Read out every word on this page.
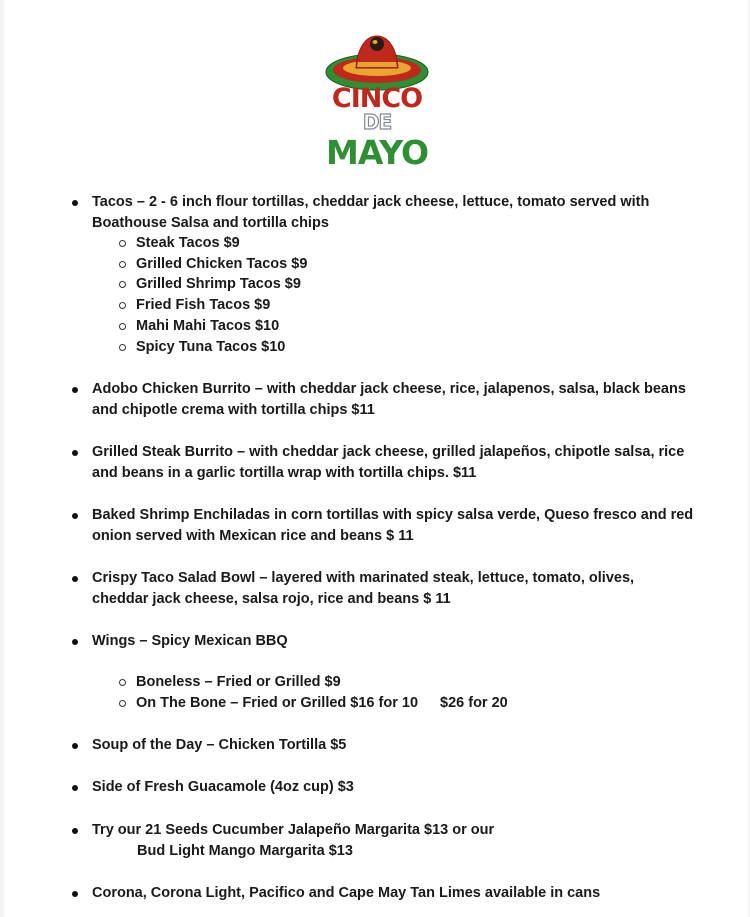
CINCO
DE
MAYO
Tacos – 2 - 6 inch flour tortillas, cheddar jack cheese, lettuce, tomato served with
Boathouse Salsa and tortilla chips
Steak Tacos $9
Grilled Chicken Tacos $9
Grilled Shrimp Tacos $9
Fried Fish Tacos $9
Mahi Mahi Tacos $10
Spicy Tuna Tacos $10
Adobo Chicken Burrito – with cheddar jack cheese, rice, jalapenos, salsa, black beans
and chipotle crema with tortilla chips $11
Grilled Steak Burrito – with cheddar jack cheese, grilled jalapeños, chipotle salsa, rice
and beans in a garlic tortilla wrap with tortilla chips. $11
Baked Shrimp Enchiladas in corn tortillas with spicy salsa verde, Queso fresco and red
onion served with Mexican rice and beans $ 11
Crispy Taco Salad Bowl – layered with marinated steak, lettuce, tomato, olives,
cheddar jack cheese, salsa rojo, rice and beans $ 11
Wings – Spicy Mexican BBQ
Boneless – Fried or Grilled $9
On The Bone – Fried or Grilled $16 for 10 $26 for 20
Soup of the Day – Chicken Tortilla $5
Side of Fresh Guacamole (4oz cup) $3
Try our 21 Seeds Cucumber Jalapeño Margarita $13 or our
Bud Light Mango Margarita $13
Corona, Corona Light, Pacifico and Cape May Tan Limes available in cans
